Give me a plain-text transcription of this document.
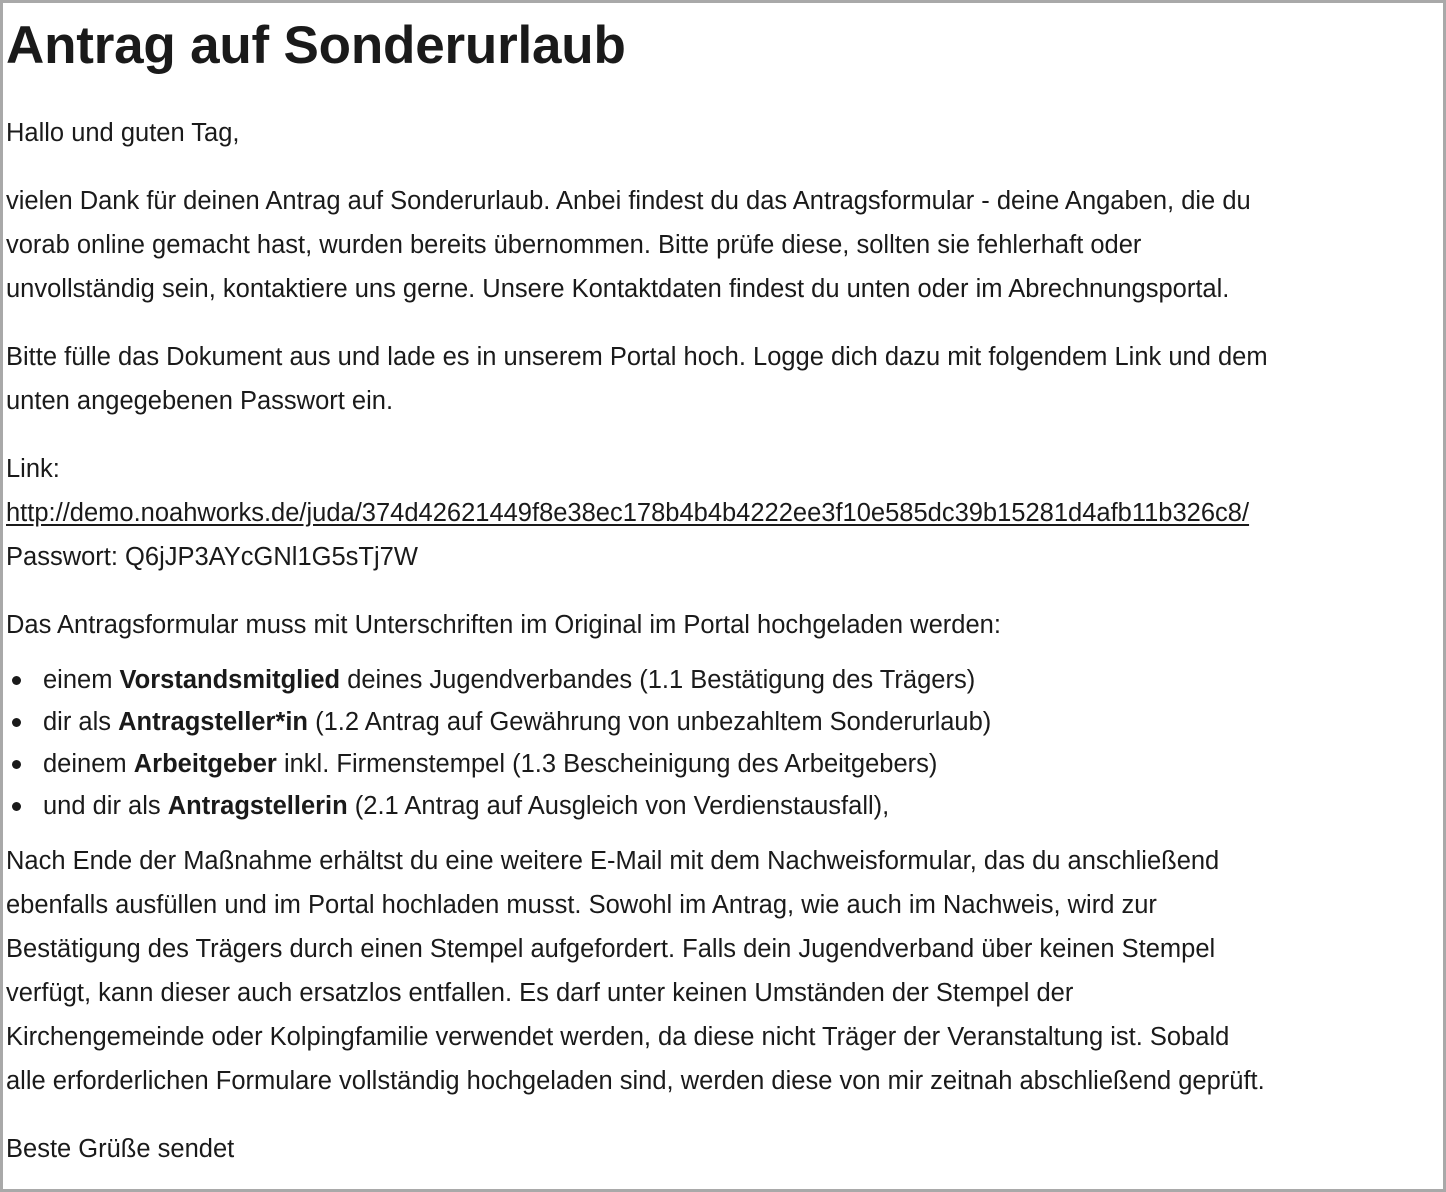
Antrag auf Sonderurlaub

Hallo und guten Tag,

vielen Dank für deinen Antrag auf Sonderurlaub. Anbei findest du das Antragsformular - deine Angaben, die du
vorab online gemacht hast, wurden bereits übernommen. Bitte prüfe diese, sollten sie fehlerhaft oder
unvollständig sein, kontaktiere uns gerne. Unsere Kontaktdaten findest du unten oder im Abrechnungsportal.

Bitte fülle das Dokument aus und lade es in unserem Portal hoch. Logge dich dazu mit folgendem Link und dem
unten angegebenen Passwort ein.

Link:
http://demo.noahworks.de/juda/374d42621449f8e38ec178b4b4b4222ee3f10e585dc39b15281d4afb11b326c8/
Passwort: Q6jJP3AYcGNl1G5sTj7W

Das Antragsformular muss mit Unterschriften im Original im Portal hochgeladen werden:

einem Vorstandsmitglied deines Jugendverbandes (1.1 Bestätigung des Trägers)
dir als Antragsteller*in (1.2 Antrag auf Gewährung von unbezahltem Sonderurlaub)
deinem Arbeitgeber inkl. Firmenstempel (1.3 Bescheinigung des Arbeitgebers)
und dir als Antragstellerin (2.1 Antrag auf Ausgleich von Verdienstausfall),

Nach Ende der Maßnahme erhältst du eine weitere E-Mail mit dem Nachweisformular, das du anschließend
ebenfalls ausfüllen und im Portal hochladen musst. Sowohl im Antrag, wie auch im Nachweis, wird zur
Bestätigung des Trägers durch einen Stempel aufgefordert. Falls dein Jugendverband über keinen Stempel
verfügt, kann dieser auch ersatzlos entfallen. Es darf unter keinen Umständen der Stempel der
Kirchengemeinde oder Kolpingfamilie verwendet werden, da diese nicht Träger der Veranstaltung ist. Sobald
alle erforderlichen Formulare vollständig hochgeladen sind, werden diese von mir zeitnah abschließend geprüft.

Beste Grüße sendet
